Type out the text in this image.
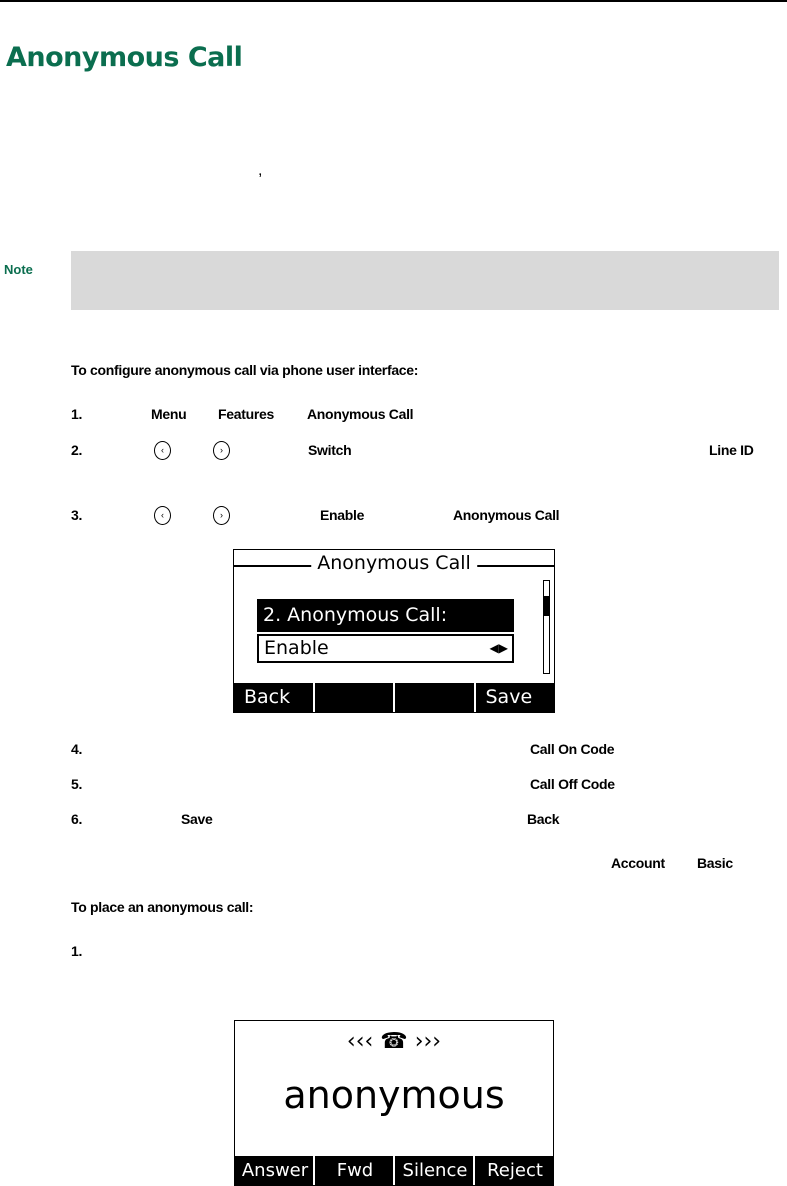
Anonymous Call
,
Note
To configure anonymous call via phone user interface:
1.	Menu Features Anonymous Call
2.	‹	›	Switch	Line ID
3.	‹	›	Enable	Anonymous Call
Anonymous Call
2. Anonymous Call:
Enable	◀▶
Back	Save
4.	Call On Code
5.	Call Off Code
6.	Save	Back
Account Basic
To place an anonymous call:
1.
‹‹‹ ☎ ›››
anonymous
Answer	Fwd	Silence	Reject
